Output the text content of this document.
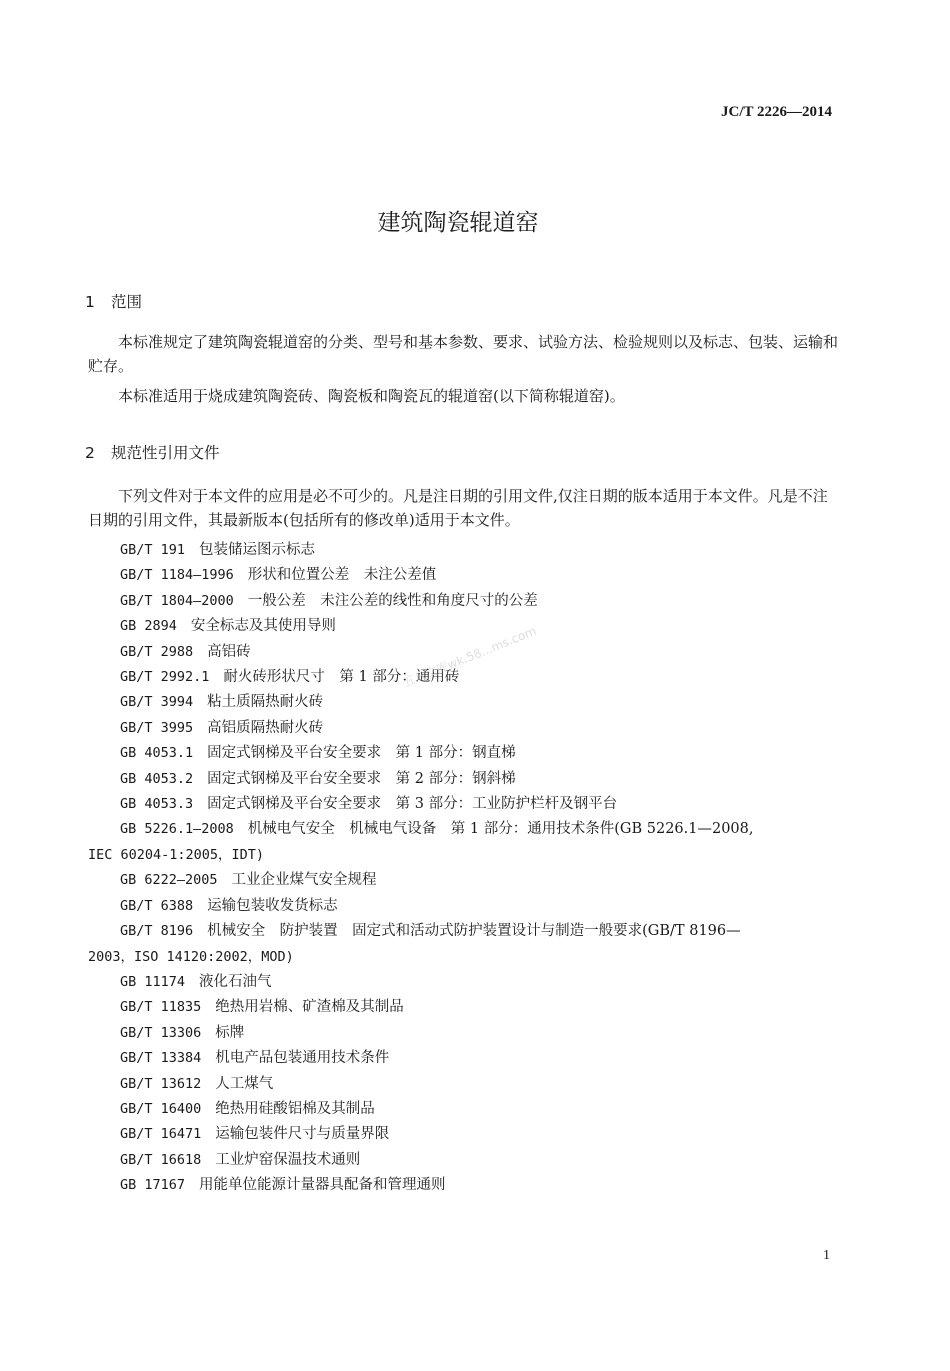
JC/T 2226—2014
建筑陶瓷辊道窑
1 范围
本标准规定了建筑陶瓷辊道窑的分类、型号和基本参数、要求、试验方法、检验规则以及标志、包装、运输和贮存。
本标准适用于烧成建筑陶瓷砖、陶瓷板和陶瓷瓦的辊道窑(以下简称辊道窑)。
2 规范性引用文件
下列文件对于本文件的应用是必不可少的。凡是注日期的引用文件,仅注日期的版本适用于本文件。凡是不注日期的引用文件，其最新版本(包括所有的修改单)适用于本文件。
GB/T 191 包装储运图示标志
GB/T 1184—1996 形状和位置公差　未注公差值
GB/T 1804—2000 一般公差　未注公差的线性和角度尺寸的公差
GB 2894 安全标志及其使用导则
GB/T 2988 高铝砖
GB/T 2992.1 耐火砖形状尺寸　第 1 部分：通用砖
GB/T 3994 粘土质隔热耐火砖
GB/T 3995 高铝质隔热耐火砖
GB 4053.1 固定式钢梯及平台安全要求　第 1 部分：钢直梯
GB 4053.2 固定式钢梯及平台安全要求　第 2 部分：钢斜梯
GB 4053.3 固定式钢梯及平台安全要求　第 3 部分：工业防护栏杆及钢平台
GB 5226.1—2008 机械电气安全　机械电气设备　第 1 部分：通用技术条件(GB 5226.1—2008,
IEC 60204-1:2005，IDT)
GB 6222—2005 工业企业煤气安全规程
GB/T 6388 运输包装收发货标志
GB/T 8196 机械安全　防护装置　固定式和活动式防护装置设计与制造一般要求(GB/T 8196—
2003，ISO 14120:2002，MOD)
GB 11174 液化石油气
GB/T 11835 绝热用岩棉、矿渣棉及其制品
GB/T 13306 标牌
GB/T 13384 机电产品包装通用技术条件
GB/T 13612 人工煤气
GB/T 16400 绝热用硅酸铝棉及其制品
GB/T 16471 运输包装件尺寸与质量界限
GB/T 16618 工业炉窑保温技术通则
GB 17167 用能单位能源计量器具配备和管理通则
五八文库wk.58...ms.com
1
